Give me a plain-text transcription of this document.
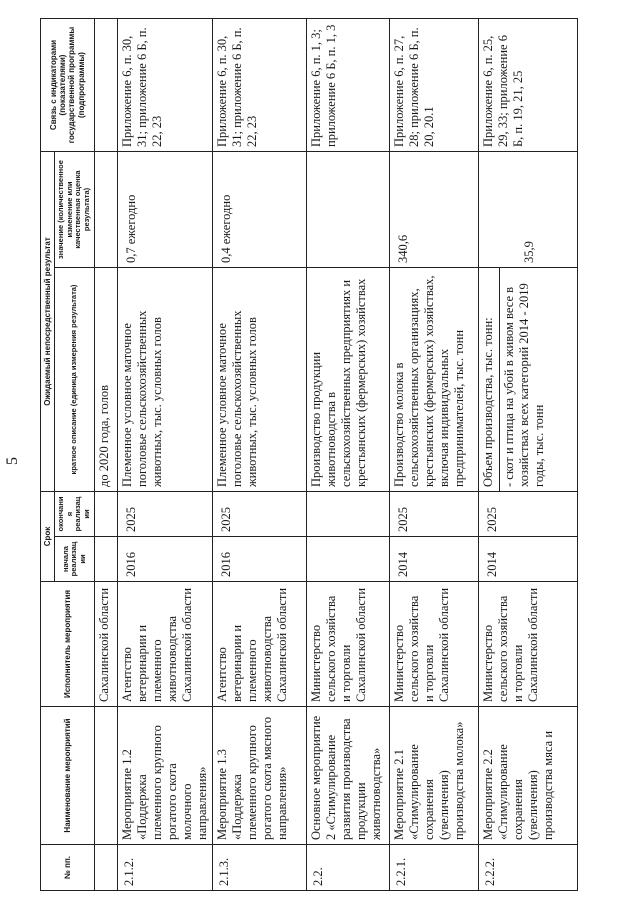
5
№ пп.	Наименование мероприятий	Исполнитель мероприятия	Срок		Ожидаемый непосредственный результат		Связь с индикаторами (показателями) государственной программы (подпрограммы)
			начала реализации	окончания реализации	краткое описание (единица измерения результата)	значение (количественное изменение или качественная оценка результата)	
		Сахалинской области			до 2020 года, голов		
2.1.2.	Мероприятие 1.2 «Поддержка племенного крупного рогатого скота молочного направления»	Агентство ветеринарии и племенного животноводства Сахалинской области	2016	2025	Племенное условное маточное поголовье сельскохозяйственных животных, тыс. условных голов	0,7 ежегодно	Приложение 6, п. 30, 31; приложение 6 Б, п. 22, 23
2.1.3.	Мероприятие 1.3 «Поддержка племенного крупного рогатого скота мясного направления»	Агентство ветеринарии и племенного животноводства Сахалинской области	2016	2025	Племенное условное маточное поголовье сельскохозяйственных животных, тыс. условных голов	0,4 ежегодно	Приложение 6, п. 30, 31; приложение 6 Б, п. 22, 23
2.2.	Основное мероприятие 2 «Стимулирование развития производства продукции животноводства»	Министерство сельского хозяйства и торговли Сахалинской области			Производство продукции животноводства в сельскохозяйственных предприятиях и крестьянских (фермерских) хозяйствах		Приложение 6, п. 1, 3; приложение 6 Б, п. 1, 3
2.2.1.	Мероприятие 2.1 «Стимулирование сохранения (увеличения) производства молока»	Министерство сельского хозяйства и торговли Сахалинской области	2014	2025	Производство молока в сельскохозяйственных организациях, крестьянских (фермерских) хозяйствах, включая индивидуальных предпринимателей, тыс. тонн	340,6	Приложение 6, п. 27, 28; приложение 6 Б, п. 20, 20.1
2.2.2.	Мероприятие 2.2 «Стимулирование сохранения (увеличения) производства мяса и	Министерство сельского хозяйства и торговли Сахалинской области	2014	2025	Объем производства, тыс. тонн: - скот и птица на убой в живом весе в хозяйствах всех категорий 2014 - 2019 годы, тыс. тонн	35,9	Приложение 6, п. 25, 29, 33; приложение 6 Б, п. 19, 21, 25
